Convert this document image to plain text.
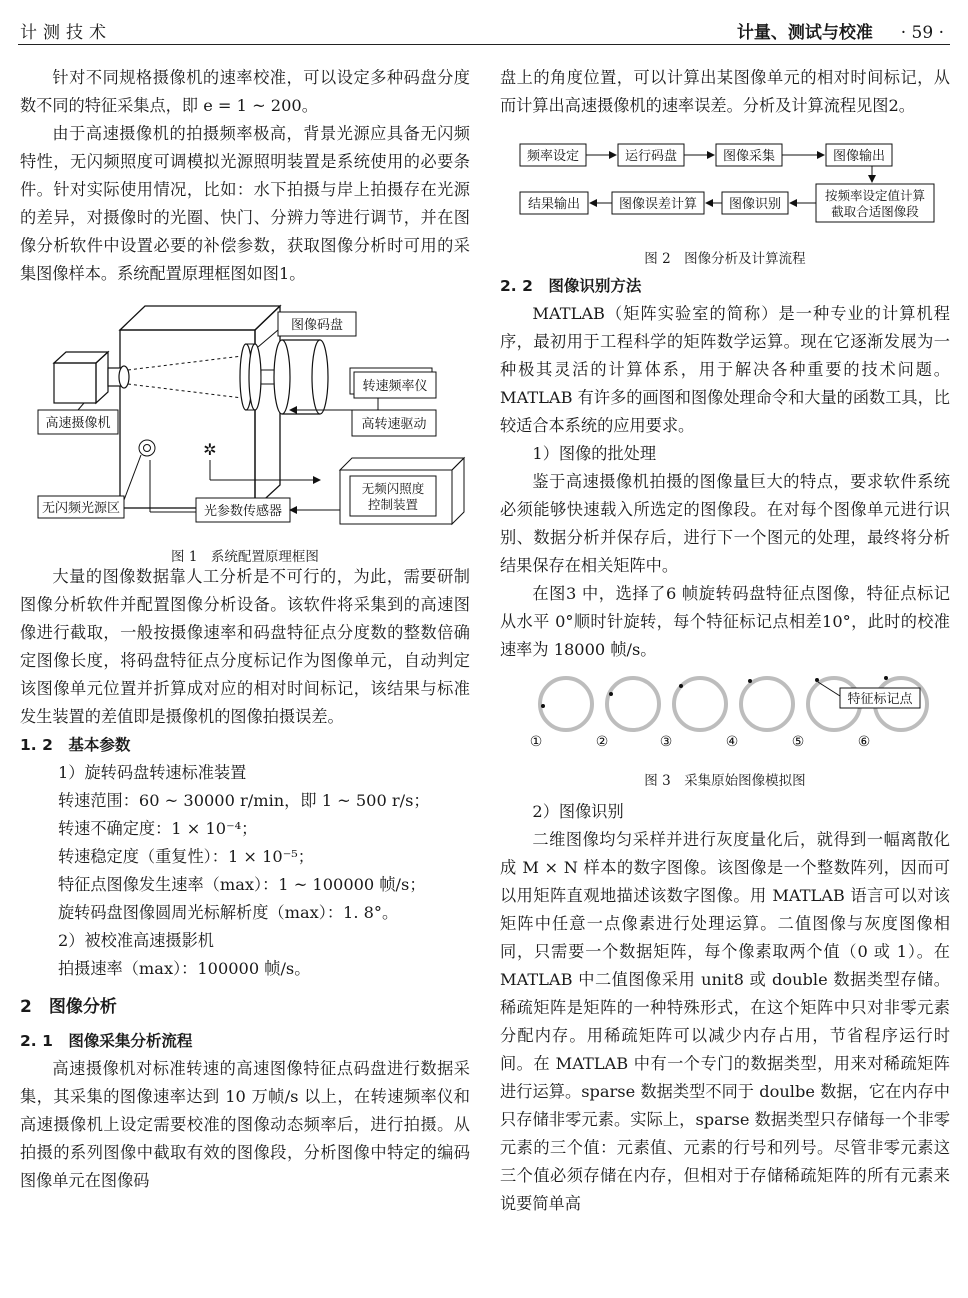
计测技术	计量、测试与校准 · 59 ·

针对不同规格摄像机的速率校准，可以设定多种码盘分度数不同的特征采集点，即 e = 1 ~ 200。

由于高速摄像机的拍摄频率极高，背景光源应具备无闪频特性，无闪频照度可调模拟光源照明装置是系统使用的必要条件。针对实际使用情况，比如：水下拍摄与岸上拍摄存在光源的差异，对摄像时的光圈、快门、分辨力等进行调节，并在图像分析软件中设置必要的补偿参数，获取图像分析时可用的采集图像样本。系统配置原理框图如图1。

图像码盘
转速频率仪
高转速驱动
高速摄像机
✲
无闪频光源区	光参数传感器
无频闪照度
控制装置
图 1　系统配置原理框图

大量的图像数据靠人工分析是不可行的，为此，需要研制图像分析软件并配置图像分析设备。该软件将采集到的高速图像进行截取，一般按摄像速率和码盘特征点分度数的整数倍确定图像长度，将码盘特征点分度标记作为图像单元，自动判定该图像单元位置并折算成对应的相对时间标记，该结果与标准发生装置的差值即是摄像机的图像拍摄误差。

1. 2　基本参数
1）旋转码盘转速标准装置
转速范围：60 ~ 30000 r/min，即 1 ~ 500 r/s；
转速不确定度：1 × 10⁻⁴；
转速稳定度（重复性）：1 × 10⁻⁵；
特征点图像发生速率（max）：1 ~ 100000 帧/s；
旋转码盘图像圆周光标解析度（max）：1. 8°。
2）被校准高速摄影机
拍摄速率（max）：100000 帧/s。
2　图像分析
2. 1　图像采集分析流程

高速摄像机对标准转速的高速图像特征点码盘进行数据采集，其采集的图像速率达到 10 万帧/s 以上，在转速频率仪和高速摄像机上设定需要校准的图像动态频率后，进行拍摄。从拍摄的系列图像中截取有效的图像段，分析图像中特定的编码图像单元在图像码

盘上的角度位置，可以计算出某图像单元的相对时间标记，从而计算出高速摄像机的速率误差。分析及计算流程见图2。

频率设定	运行码盘	图像采集	图像输出
按频率设定值计算
截取合适图像段
图像识别
图像误差计算
结果输出
图 2　图像分析及计算流程
2. 2　图像识别方法

MATLAB（矩阵实验室的简称）是一种专业的计算机程序，最初用于工程科学的矩阵数学运算。现在它逐渐发展为一种极其灵活的计算体系，用于解决各种重要的技术问题。MATLAB 有许多的画图和图像处理命令和大量的函数工具，比较适合本系统的应用要求。

1）图像的批处理

鉴于高速摄像机拍摄的图像量巨大的特点，要求软件系统必须能够快速载入所选定的图像段。在对每个图像单元进行识别、数据分析并保存后，进行下一个图元的处理，最终将分析结果保存在相关矩阵中。

在图3 中，选择了6 帧旋转码盘特征点图像，特征点标记从水平 0°顺时针旋转，每个特征标记点相差10°，此时的校准速率为 18000 帧/s。

特征标记点
①	②	③	④	⑤	⑥
图 3　采集原始图像模拟图
2）图像识别

二维图像均匀采样并进行灰度量化后，就得到一幅离散化成 M × N 样本的数字图像。该图像是一个整数阵列，因而可以用矩阵直观地描述该数字图像。用 MATLAB 语言可以对该矩阵中任意一点像素进行处理运算。二值图像与灰度图像相同，只需要一个数据矩阵，每个像素取两个值（0 或 1）。在 MATLAB 中二值图像采用 unit8 或 double 数据类型存储。稀疏矩阵是矩阵的一种特殊形式，在这个矩阵中只对非零元素分配内存。用稀疏矩阵可以减少内存占用，节省程序运行时间。在 MATLAB 中有一个专门的数据类型，用来对稀疏矩阵进行运算。sparse 数据类型不同于 doulbe 数据，它在内存中只存储非零元素。实际上，sparse 数据类型只存储每一个非零元素的三个值：元素值、元素的行号和列号。尽管非零元素这三个值必须存储在内存，但相对于存储稀疏矩阵的所有元素来说要简单高
